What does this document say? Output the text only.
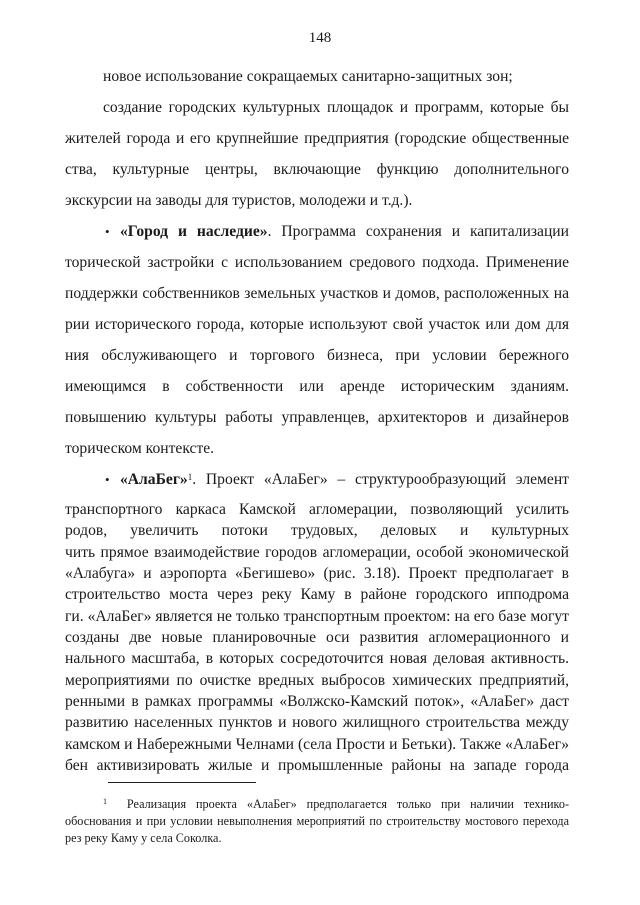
148
новое использование сокращаемых санитарно-защитных зон;
создание городских культурных площадок и программ, которые бы
жителей города и его крупнейшие предприятия (городские общественные
ства, культурные центры, включающие функцию дополнительного
экскурсии на заводы для туристов, молодежи и т.д.).
• «Город и наследие». Программа сохранения и капитализации
торической застройки с использованием средового подхода. Применение
поддержки собственников земельных участков и домов, расположенных на
рии исторического города, которые используют свой участок или дом для
ния обслуживающего и торгового бизнеса, при условии бережного
имеющимся в собственности или аренде историческим зданиям.
повышению культуры работы управленцев, архитекторов и дизайнеров
торическом контексте.
• «АлаБег»$^1$. Проект «АлаБег» – структурообразующий элемент
$^1$ Реализация проекта «АлаБег» предполагается только при наличии технико-
обоснования и при условии невыполнения мероприятий по строительству мостового перехода
рез реку Каму у села Соколка.
транспортного каркаса Камской агломерации, позволяющий усилить
родов, увеличить потоки трудовых, деловых и культурных
чить прямое взаимодействие городов агломерации, особой экономической
«Алабуга» и аэропорта «Бегишево» (рис. 3.18). Проект предполагает в
строительство моста через реку Каму в районе городского ипподрома
ги. «АлаБег» является не только транспортным проектом: на его базе могут
созданы две новые планировочные оси развития агломерационного и
нального масштаба, в которых сосредоточится новая деловая активность.
мероприятиями по очистке вредных выбросов химических предприятий,
ренными в рамках программы «Волжско-Камский поток», «АлаБег» даст
развитию населенных пунктов и нового жилищного строительства между
камском и Набережными Челнами (села Прости и Бетьки). Также «АлаБег»
бен активизировать жилые и промышленные районы на западе города
